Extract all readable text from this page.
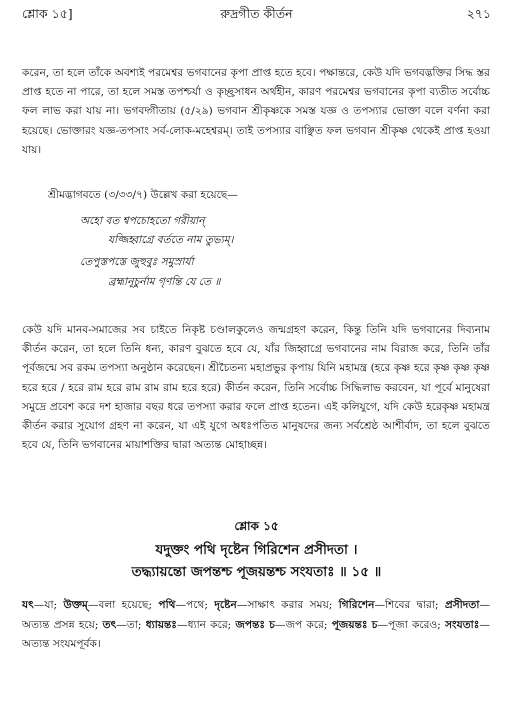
শ্লোক ১৫]	রুদ্রগীত কীর্তন	২৭১

করেন, তা হলে তাঁকে অবশ্যই পরমেশ্বর ভগবানের কৃপা প্রাপ্ত হতে হবে। পক্ষান্তরে, কেউ যদি ভগবদ্ভক্তির সিদ্ধ স্তর প্রাপ্ত হতে না পারে, তা হলে সমস্ত তপশ্চর্যা ও কৃচ্ছ্রসাধন অর্থহীন, কারণ পরমেশ্বর ভগবানের কৃপা ব্যতীত সর্বোচ্চ ফল লাভ করা যায় না। ভগবদ্গীতায় (৫/২৯) ভগবান শ্রীকৃষ্ণকে সমস্ত যজ্ঞ ও তপস্যার ভোক্তা বলে বর্ণনা করা হয়েছে। ভোক্তারং যজ্ঞ-তপসাং সর্ব-লোক-মহেশ্বরম্। তাই তপস্যার বাঞ্ছিত ফল ভগবান শ্রীকৃষ্ণ থেকেই প্রাপ্ত হওয়া যায়।

শ্রীমদ্ভাগবতে (৩/৩৩/৭) উল্লেখ করা হয়েছে—
অহো বত শ্বপচোহতো গরীয়ান্
যজ্জিহ্বাগ্রে বর্ততে নাম তুভ্যম্।
তেপুস্তপস্তে জুহুবুঃ সমুস্রার্যা
ব্রহ্মানূচুর্নাম গৃণন্তি যে তে ॥

কেউ যদি মানব-সমাজের সব চাইতে নিকৃষ্ট চণ্ডালকুলেও জন্মগ্রহণ করেন, কিন্তু তিনি যদি ভগবানের দিব্যনাম কীর্তন করেন, তা হলে তিনি ধন্য, কারণ বুঝতে হবে যে, যাঁর জিহ্বাগ্রে ভগবানের নাম বিরাজ করে, তিনি তাঁর পূর্বজন্মে সব রকম তপস্যা অনুষ্ঠান করেছেন। শ্রীচৈতন্য মহাপ্রভুর কৃপায় যিনি মহামন্ত্র (হরে কৃষ্ণ হরে কৃষ্ণ কৃষ্ণ কৃষ্ণ হরে হরে / হরে রাম হরে রাম রাম রাম হরে হরে) কীর্তন করেন, তিনি সর্বোচ্চ সিদ্ধিলাভ করবেন, যা পূর্বে মানুষেরা সমুদ্রে প্রবেশ করে দশ হাজার বছর ধরে তপস্যা করার ফলে প্রাপ্ত হতেন। এই কলিযুগে, যদি কেউ হরেকৃষ্ণ মহামন্ত্র কীর্তন করার সুযোগ গ্রহণ না করেন, যা এই যুগে অধঃপতিত মানুষদের জন্য সর্বশ্রেষ্ঠ আশীর্বাদ, তা হলে বুঝতে হবে যে, তিনি ভগবানের মায়াশক্তির দ্বারা অত্যন্ত মোহাচ্ছন্ন।

শ্লোক ১৫
যদুক্তং পথি দৃষ্টেন গিরিশেন প্রসীদতা ।
তদ্ধ্যায়ন্তো জপন্তশ্চ পূজয়ন্তশ্চ সংযতাঃ ॥ ১৫ ॥

যৎ—যা; উক্তম্—বলা হয়েছে; পথি—পথে; দৃষ্টেন—সাক্ষাৎ করার সময়; গিরিশেন—শিবের দ্বারা; প্রসীদতা—অত্যন্ত প্রসন্ন হয়ে; তৎ—তা; ধ্যায়ন্তঃ—ধ্যান করে; জপন্তঃ চ—জপ করে; পূজয়ন্তঃ চ—পূজা করেও; সংযতাঃ—অত্যন্ত সংযমপূর্বক।
